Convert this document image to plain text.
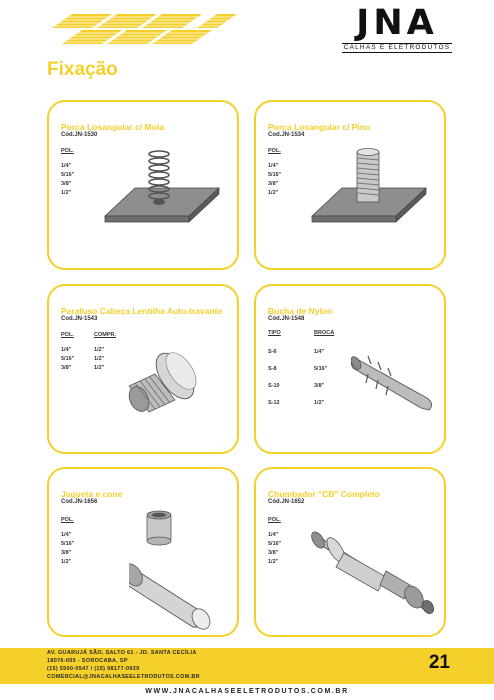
JNA
CALHAS E ELETRODUTOS
Fixação
Porca Losangular c/ Mola
Cod.JN-1530
POL.
1/4"
5/16"
3/8"
1/2"
Porca Losangular c/ Pino
Cod.JN-1534
POL.
1/4"
5/16"
3/8"
1/2"
Parafuso Cabeça Lentilha Auto-travante
Cod.JN-1543
POL.	COMPR.
1/4"	1/2"
5/16"	1/2"
3/8"	1/2"
Bucha de Nylon
Cód.JN-1548
TIPO	BROCA
S-6	1/4"
S-8	5/16"
S-10	3/8"
S-12	1/2"
Jaqueta e cone
Cod.JN-1656
POL.
1/4"
5/16"
3/8"
1/2"
Chumbador "CB" Completo
Cód.JN-1652
POL.
1/4"
5/16"
3/8"
1/2"
AV. GUARUJÁ SÃO, SALTO 61 - JD. SANTA CECÍLIA
18076-005 - SOROCABA, SP
(15) 5500-0547 / (15) 98177-0929
COMERCIAL@JNACALHASEELETRODUTOS.COM.BR
21
WWW.JNACALHASEELETRODUTOS.COM.BR
